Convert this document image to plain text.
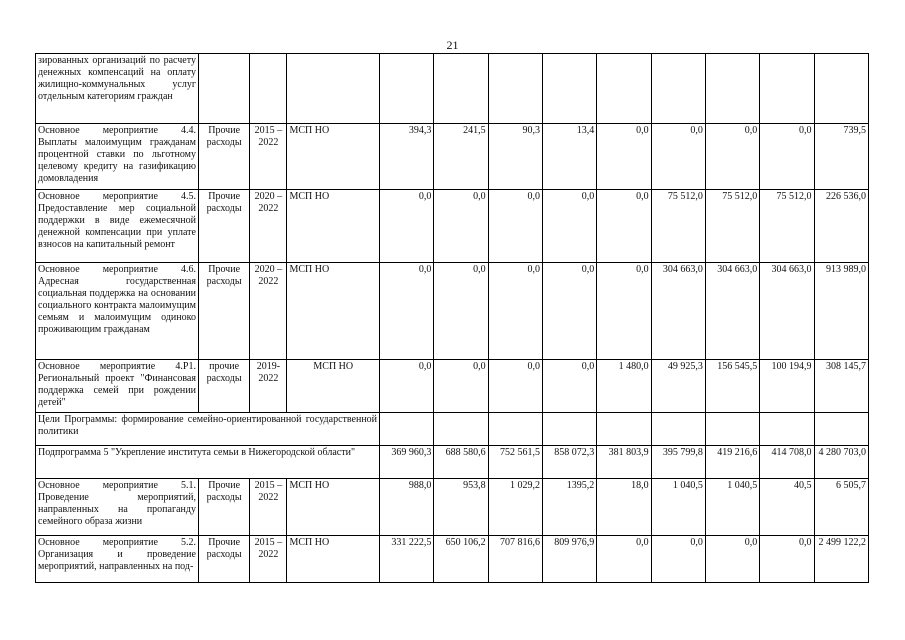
21
зированных организаций по расчету денежных компенсаций на оплату жилищно-коммунальных услуг отдельным категориям граждан												
Основное мероприятие 4.4. Выплаты малоимущим гражданам процентной ставки по льготному целевому кредиту на газификацию домовладения	Прочие расходы	2015 – 2022	МСП НО	394,3	241,5	90,3	13,4	0,0	0,0	0,0	0,0	739,5
Основное мероприятие 4.5. Предоставление мер социальной поддержки в виде ежемесячной денежной компенсации при уплате взносов на капитальный ремонт	Прочие расходы	2020 – 2022	МСП НО	0,0	0,0	0,0	0,0	0,0	75 512,0	75 512,0	75 512,0	226 536,0
Основное мероприятие 4.6. Адресная государственная социальная поддержка на основании социального контракта малоимущим семьям и малоимущим одиноко проживающим гражданам	Прочие расходы	2020 – 2022	МСП НО	0,0	0,0	0,0	0,0	0,0	304 663,0	304 663,0	304 663,0	913 989,0
Основное мероприятие 4.Р1. Региональный проект "Финансовая поддержка семей при рождении детей"	прочие расходы	2019-2022	МСП НО	0,0	0,0	0,0	0,0	1 480,0	49 925,3	156 545,5	100 194,9	308 145,7
Цели Программы: формирование семейно-ориентированной государственной политики												
Подпрограмма 5 "Укрепление института семьи в Нижегородской области"				369 960,3	688 580,6	752 561,5	858 072,3	381 803,9	395 799,8	419 216,6	414 708,0	4 280 703,0
Основное мероприятие 5.1. Проведение мероприятий, направленных на пропаганду семейного образа жизни	Прочие расходы	2015 – 2022	МСП НО	988,0	953,8	1 029,2	1395,2	18,0	1 040,5	1 040,5	40,5	6 505,7
Основное мероприятие 5.2. Организация и проведение мероприятий, направленных на под-	Прочие расходы	2015 – 2022	МСП НО	331 222,5	650 106,2	707 816,6	809 976,9	0,0	0,0	0,0	0,0	2 499 122,2
